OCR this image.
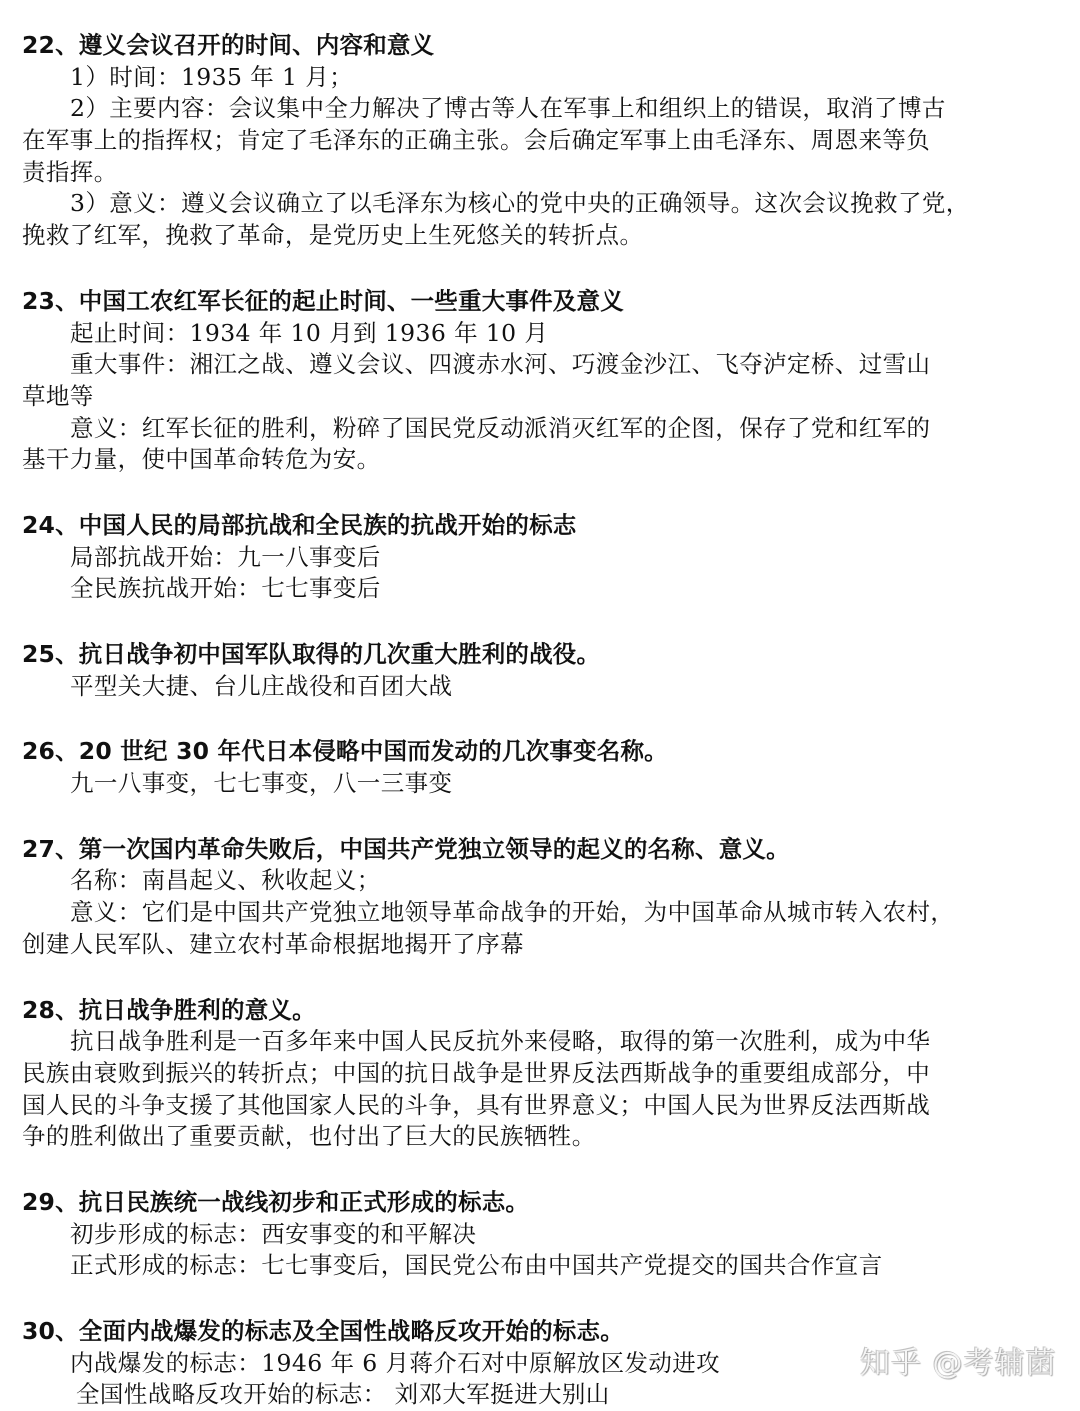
22、遵义会议召开的时间、内容和意义
1）时间：1935 年 1 月；
2）主要内容：会议集中全力解决了博古等人在军事上和组织上的错误，取消了博古
在军事上的指挥权；肯定了毛泽东的正确主张。会后确定军事上由毛泽东、周恩来等负
责指挥。
3）意义：遵义会议确立了以毛泽东为核心的党中央的正确领导。这次会议挽救了党，
挽救了红军，挽救了革命，是党历史上生死悠关的转折点。
23、中国工农红军长征的起止时间、一些重大事件及意义
起止时间：1934 年 10 月到 1936 年 10 月
重大事件：湘江之战、遵义会议、四渡赤水河、巧渡金沙江、飞夺泸定桥、过雪山
草地等
意义：红军长征的胜利，粉碎了国民党反动派消灭红军的企图，保存了党和红军的
基干力量，使中国革命转危为安。
24、中国人民的局部抗战和全民族的抗战开始的标志
局部抗战开始：九一八事变后
全民族抗战开始：七七事变后
25、抗日战争初中国军队取得的几次重大胜利的战役。
平型关大捷、台儿庄战役和百团大战
26、20 世纪 30 年代日本侵略中国而发动的几次事变名称。
九一八事变，七七事变，八一三事变
27、第一次国内革命失败后，中国共产党独立领导的起义的名称、意义。
名称：南昌起义、秋收起义；
意义：它们是中国共产党独立地领导革命战争的开始，为中国革命从城市转入农村，
创建人民军队、建立农村革命根据地揭开了序幕
28、抗日战争胜利的意义。
抗日战争胜利是一百多年来中国人民反抗外来侵略，取得的第一次胜利，成为中华
民族由衰败到振兴的转折点；中国的抗日战争是世界反法西斯战争的重要组成部分，中
国人民的斗争支援了其他国家人民的斗争，具有世界意义；中国人民为世界反法西斯战
争的胜利做出了重要贡献，也付出了巨大的民族牺牲。
29、抗日民族统一战线初步和正式形成的标志。
初步形成的标志：西安事变的和平解决
正式形成的标志：七七事变后，国民党公布由中国共产党提交的国共合作宣言
30、全面内战爆发的标志及全国性战略反攻开始的标志。
内战爆发的标志：1946 年 6 月蒋介石对中原解放区发动进攻
全国性战略反攻开始的标志： 刘邓大军挺进大别山
知乎 @考辅菌
